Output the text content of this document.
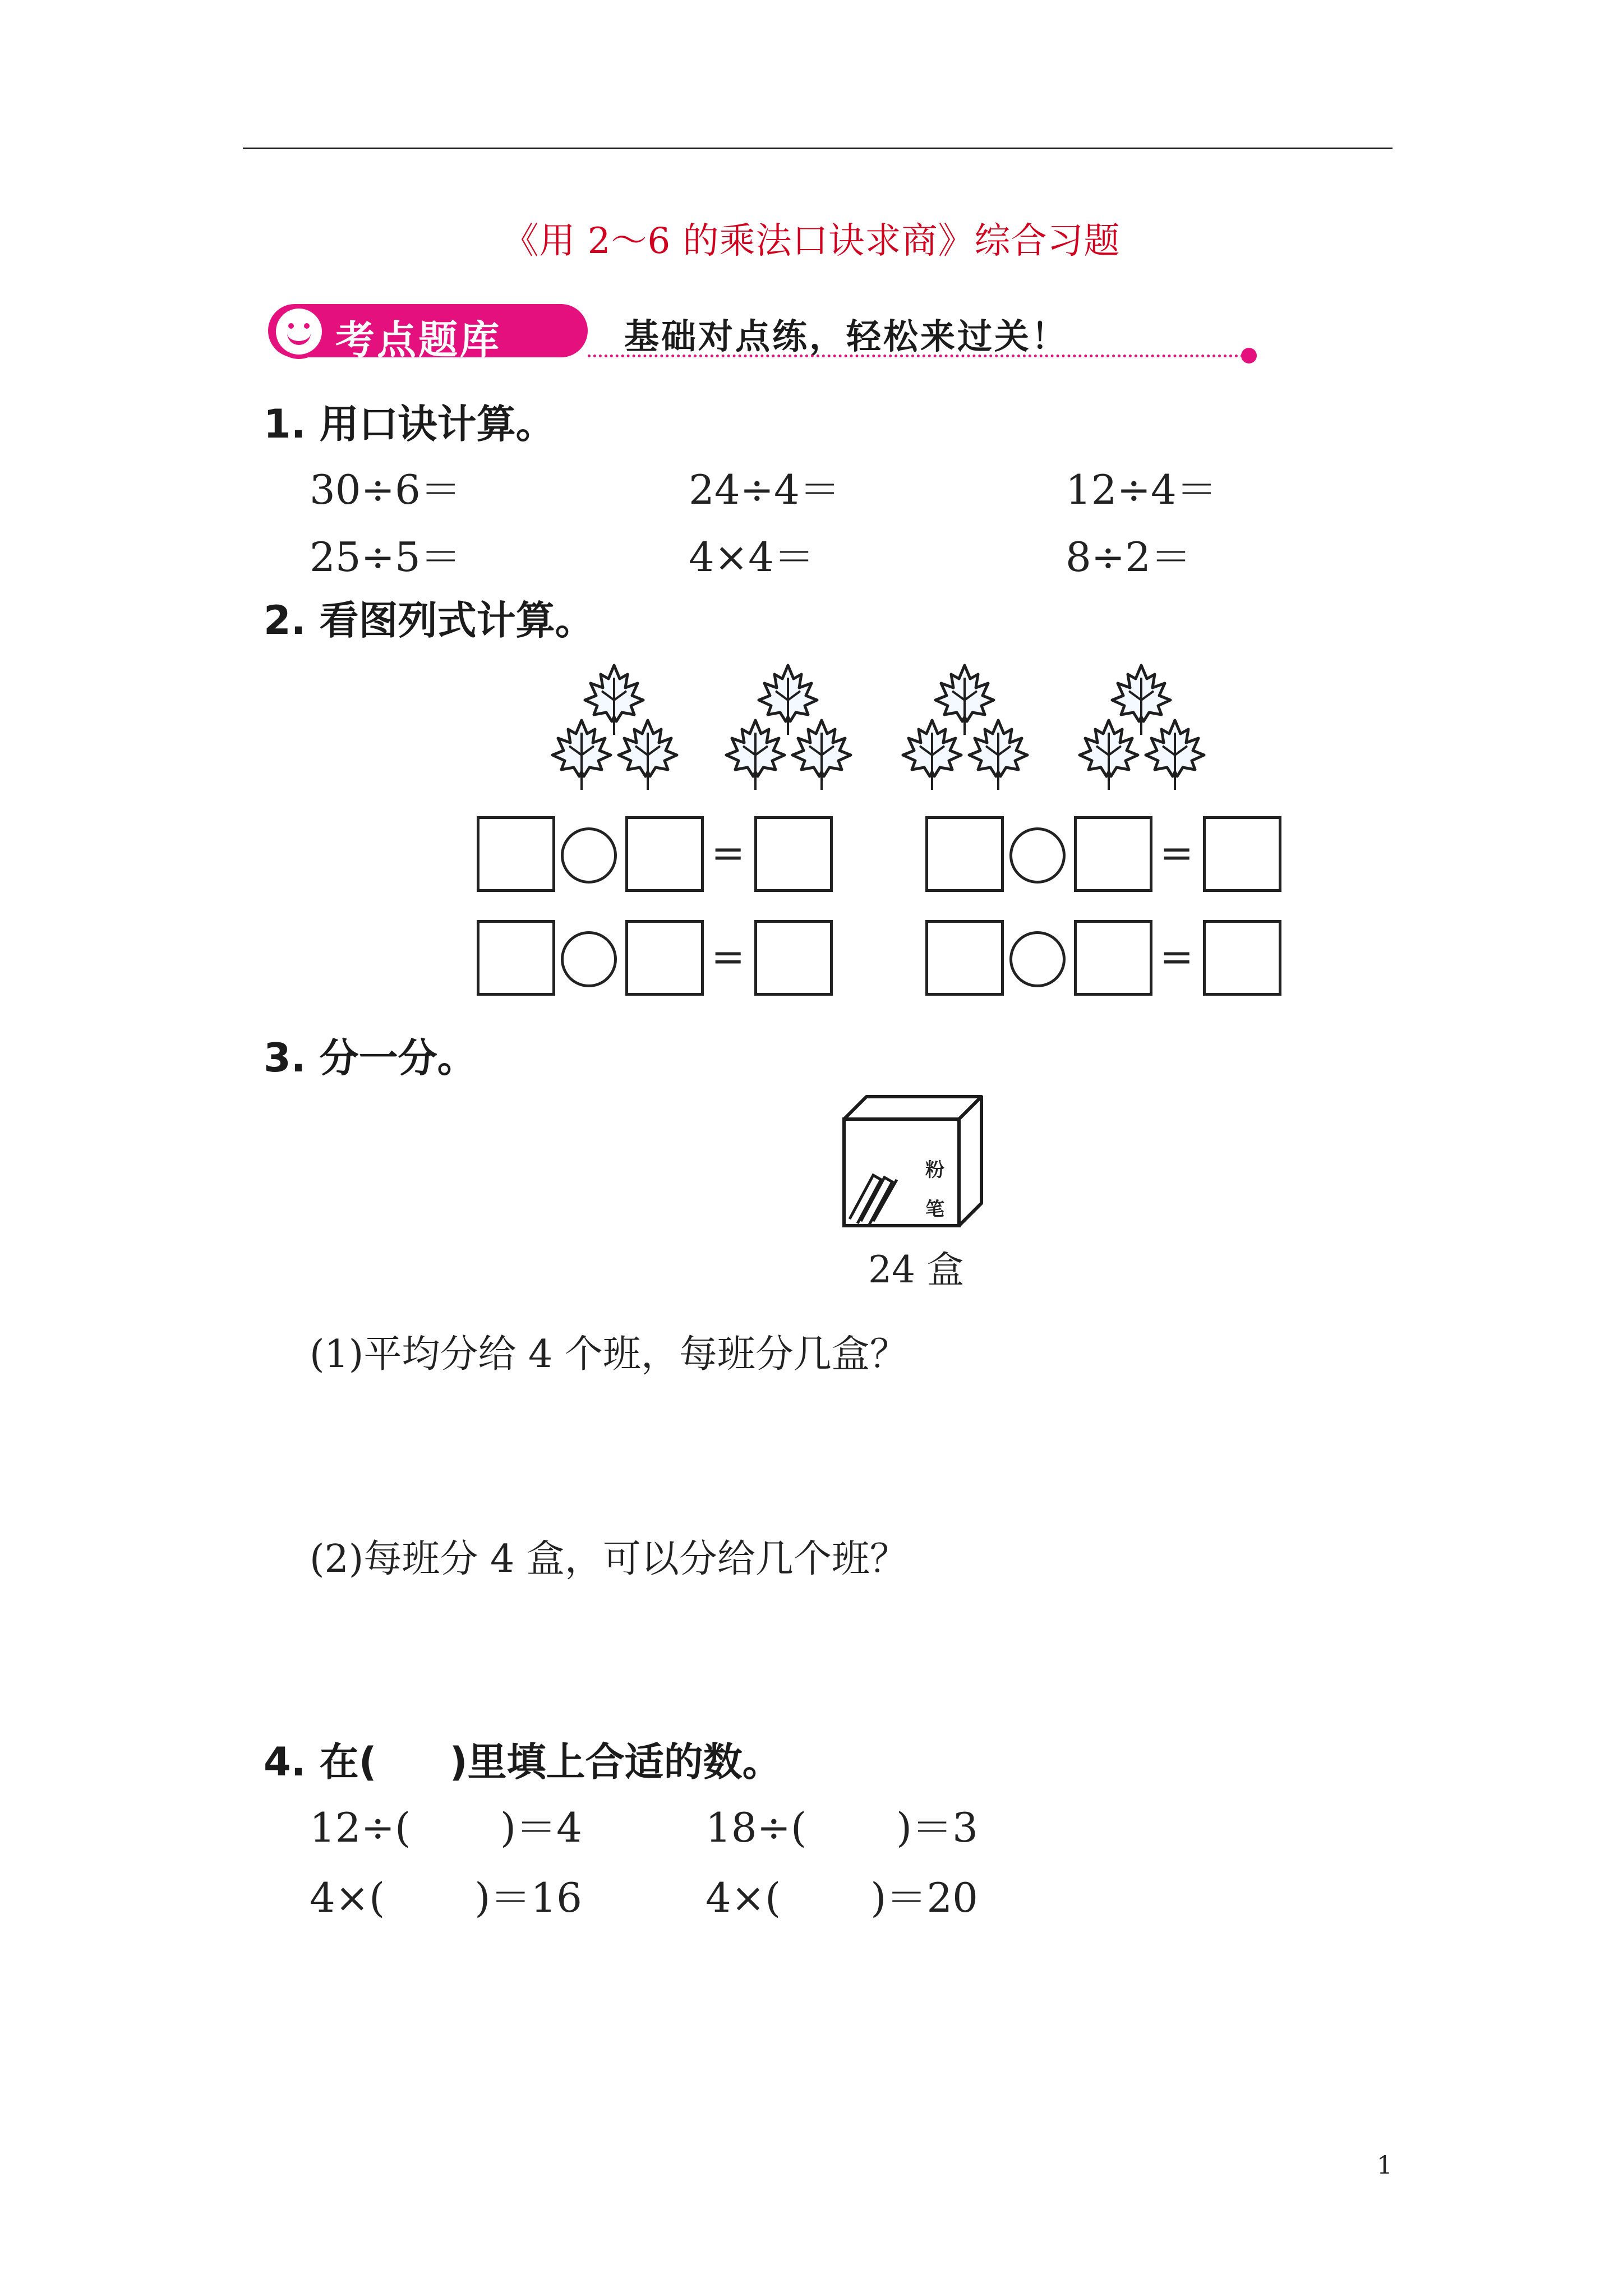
《用 2～6 的乘法口诀求商》综合习题
考点题库 ✳ 基础对点练，轻松来过关！
1. 用口诀计算。
30÷6＝	24÷4＝	12÷4＝
25÷5＝	4×4＝	8÷2＝
2. 看图列式计算。
=
=
=
=
3. 分一分。
粉
笔
24 盒
(1)平均分给 4 个班，每班分几盒？
(2)每班分 4 盒，可以分给几个班？
4. 在( )里填上合适的数。
12÷( )＝4	18÷( )＝3
4×( )＝16	4×( )＝20
1
